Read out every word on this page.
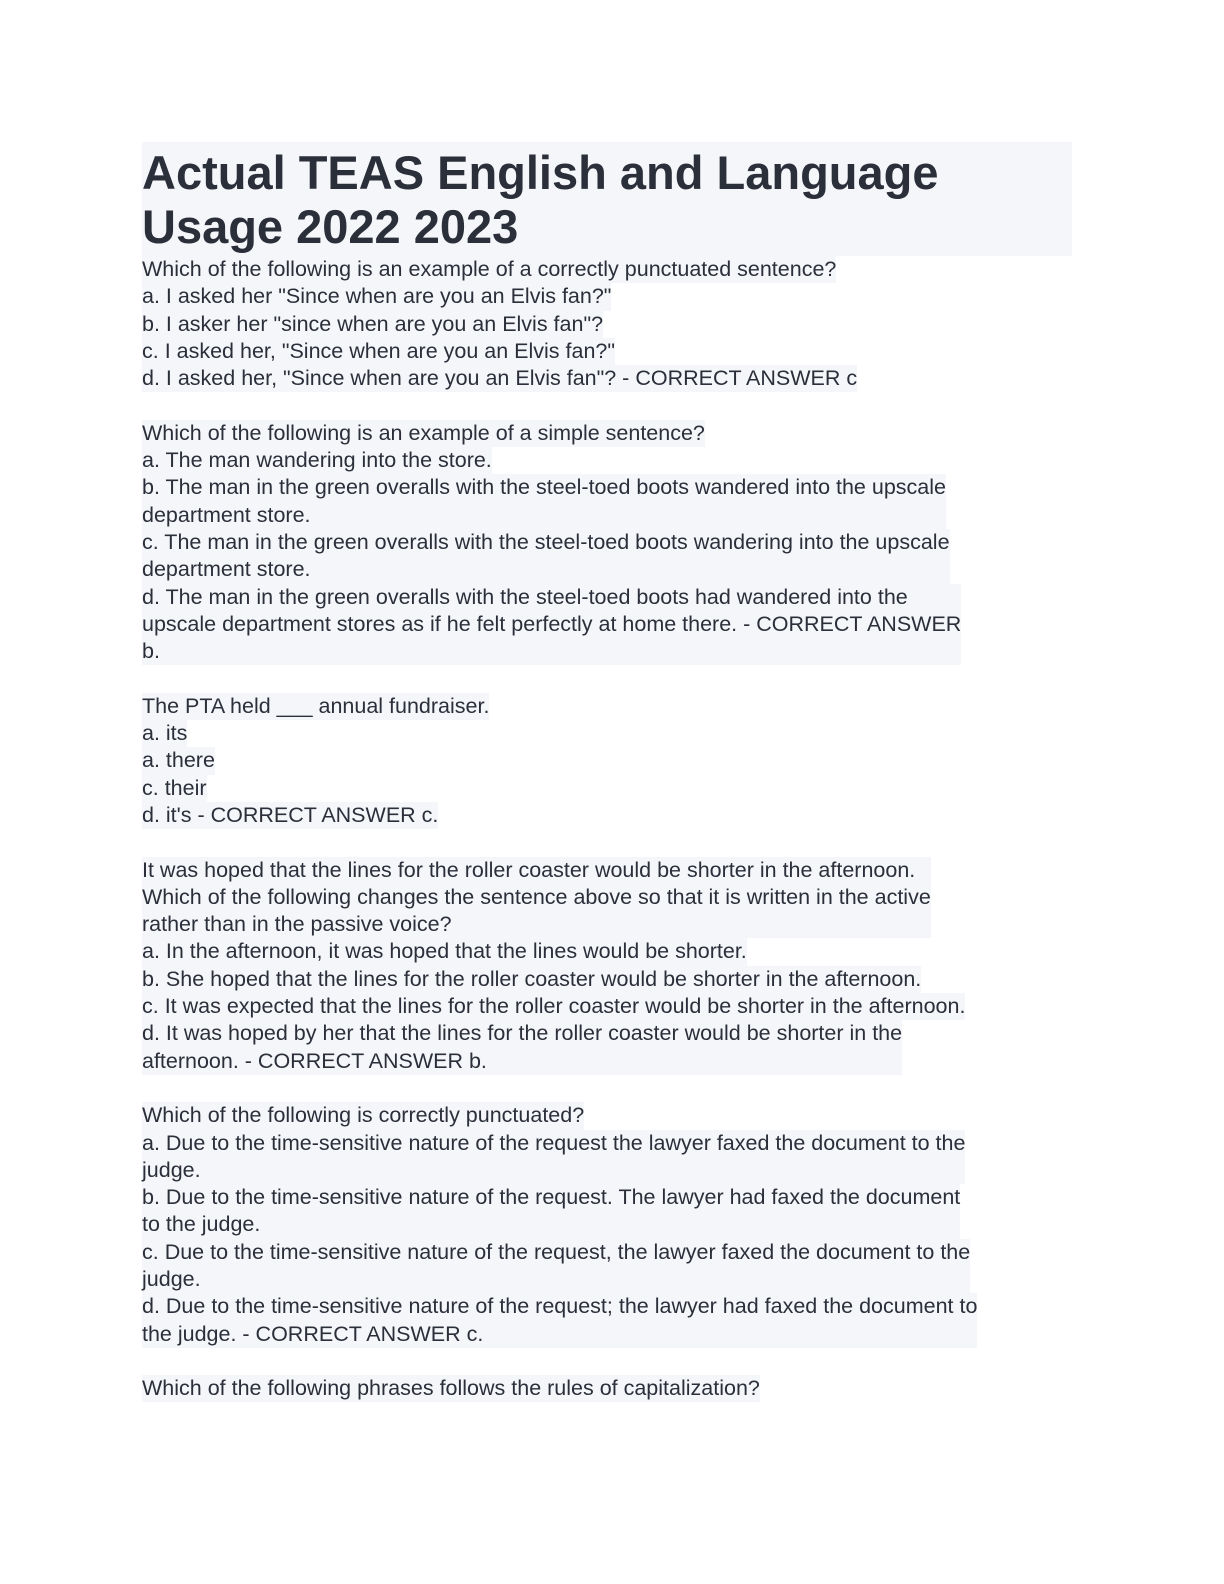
Actual TEAS English and Language
Usage 2022 2023
Which of the following is an example of a correctly punctuated sentence?
a. I asked her "Since when are you an Elvis fan?"
b. I asker her "since when are you an Elvis fan"?
c. I asked her, "Since when are you an Elvis fan?"
d. I asked her, "Since when are you an Elvis fan"? - CORRECT ANSWER c
Which of the following is an example of a simple sentence?
a. The man wandering into the store.
b. The man in the green overalls with the steel-toed boots wandered into the upscale
department store.
c. The man in the green overalls with the steel-toed boots wandering into the upscale
department store.
d. The man in the green overalls with the steel-toed boots had wandered into the
upscale department stores as if he felt perfectly at home there. - CORRECT ANSWER
b.
The PTA held ___ annual fundraiser.
a. its
a. there
c. their
d. it's - CORRECT ANSWER c.
It was hoped that the lines for the roller coaster would be shorter in the afternoon.
Which of the following changes the sentence above so that it is written in the active
rather than in the passive voice?
a. In the afternoon, it was hoped that the lines would be shorter.
b. She hoped that the lines for the roller coaster would be shorter in the afternoon.
c. It was expected that the lines for the roller coaster would be shorter in the afternoon.
d. It was hoped by her that the lines for the roller coaster would be shorter in the
afternoon. - CORRECT ANSWER b.
Which of the following is correctly punctuated?
a. Due to the time-sensitive nature of the request the lawyer faxed the document to the
judge.
b. Due to the time-sensitive nature of the request. The lawyer had faxed the document
to the judge.
c. Due to the time-sensitive nature of the request, the lawyer faxed the document to the
judge.
d. Due to the time-sensitive nature of the request; the lawyer had faxed the document to
the judge. - CORRECT ANSWER c.
Which of the following phrases follows the rules of capitalization?
